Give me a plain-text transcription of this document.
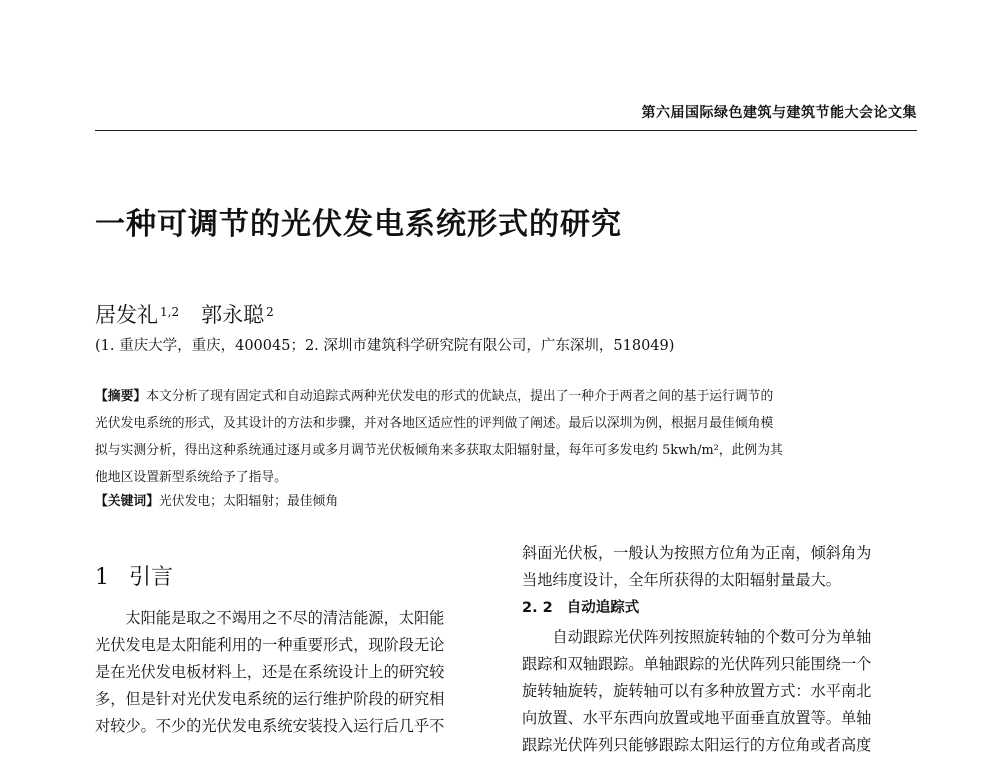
第六届国际绿色建筑与建筑节能大会论文集
一种可调节的光伏发电系统形式的研究
居发礼 $^{1,2}$ 郭永聪 $^2$
(1. 重庆大学，重庆，400045；2. 深圳市建筑科学研究院有限公司，广东深圳，518049)
【摘要】本文分析了现有固定式和自动追踪式两种光伏发电的形式的优缺点，提出了一种介于两者之间的基于运行调节的
光伏发电系统的形式，及其设计的方法和步骤，并对各地区适应性的评判做了阐述。最后以深圳为例，根据月最佳倾角模
拟与实测分析，得出这种系统通过逐月或多月调节光伏板倾角来多获取太阳辐射量，每年可多发电约 5kwh/m²，此例为其
他地区设置新型系统给予了指导。
【关键词】光伏发电；太阳辐射；最佳倾角
1 引言

太阳能是取之不竭用之不尽的清洁能源，太阳能
光伏发电是太阳能利用的一种重要形式，现阶段无论
是在光伏发电板材料上，还是在系统设计上的研究较
多，但是针对光伏发电系统的运行维护阶段的研究相
对较少。不少的光伏发电系统安装投入运行后几乎不

斜面光伏板，一般认为按照方位角为正南，倾斜角为
当地纬度设计，全年所获得的太阳辐射量最大。

2. 2 自动追踪式

自动跟踪光伏阵列按照旋转轴的个数可分为单轴
跟踪和双轴跟踪。单轴跟踪的光伏阵列只能围绕一个
旋转轴旋转，旋转轴可以有多种放置方式：水平南北
向放置、水平东西向放置或地平面垂直放置等。单轴
跟踪光伏阵列只能够跟踪太阳运行的方位角或者高度
